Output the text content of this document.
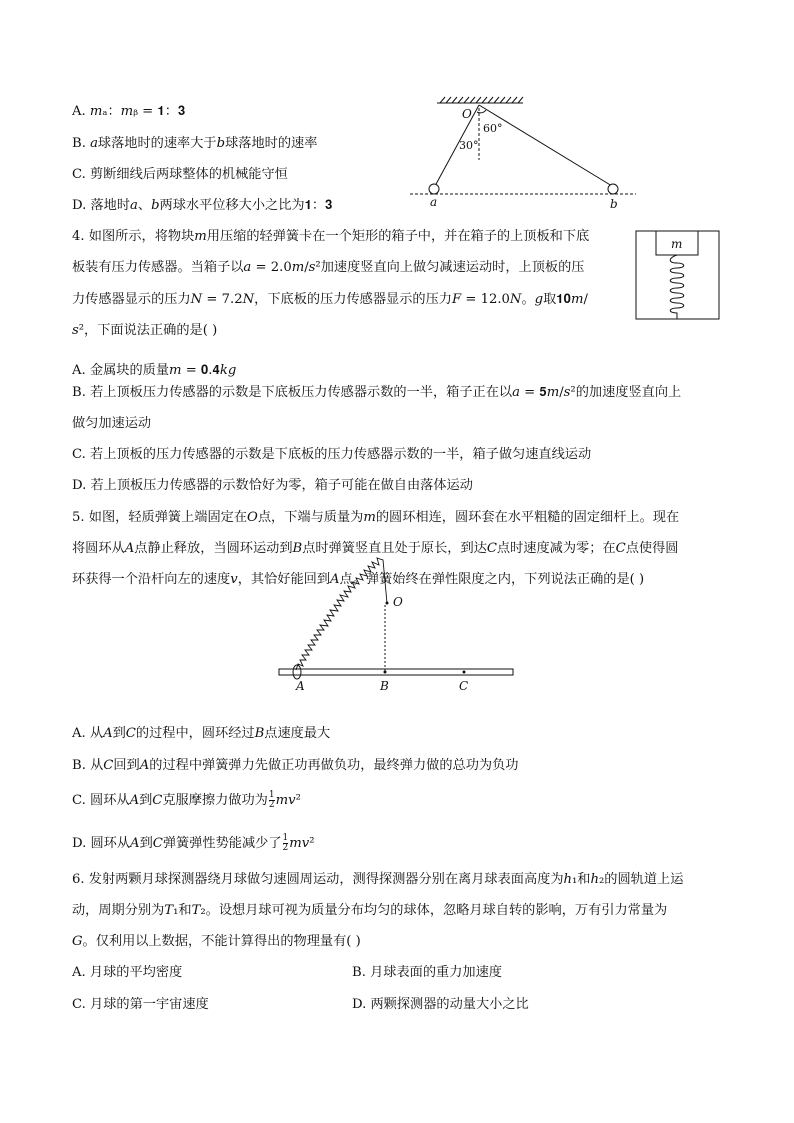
A. 𝑚ₐ：𝑚ᵦ = 𝟏：𝟑
B. 𝑎球落地时的速率大于𝑏球落地时的速率
C. 剪断细线后两球整体的机械能守恒
D. 落地时𝑎、𝑏两球水平位移大小之比为𝟏：𝟑
O
60°
30°
a	b
4. 如图所示，将物块𝑚用压缩的轻弹簧卡在一个矩形的箱子中，并在箱子的上顶板和下底
板装有压力传感器。当箱子以𝑎 = 2.0𝑚/𝑠²加速度竖直向上做匀减速运动时，上顶板的压
力传感器显示的压力𝑁 = 7.2𝑁，下底板的压力传感器显示的压力𝐹 = 12.0𝑁。𝑔取𝟏𝟎𝑚/
𝑠²，下面说法正确的是( )
m
A. 金属块的质量𝑚 = 𝟎.𝟒𝑘𝑔
B. 若上顶板压力传感器的示数是下底板压力传感器示数的一半，箱子正在以𝑎 = 𝟓𝑚/𝑠²的加速度竖直向上
做匀加速运动
C. 若上顶板的压力传感器的示数是下底板的压力传感器示数的一半，箱子做匀速直线运动
D. 若上顶板压力传感器的示数恰好为零，箱子可能在做自由落体运动
5. 如图，轻质弹簧上端固定在𝑂点，下端与质量为𝑚的圆环相连，圆环套在水平粗糙的固定细杆上。现在
将圆环从𝐴点静止释放，当圆环运动到𝐵点时弹簧竖直且处于原长，到达𝐶点时速度减为零；在𝐶点使得圆
环获得一个沿杆向左的速度𝑣，其恰好能回到𝐴点。弹簧始终在弹性限度之内，下列说法正确的是( )
O
A	B	C
A. 从𝐴到𝐶的过程中，圆环经过𝐵点速度最大
B. 从𝐶回到𝐴的过程中弹簧弹力先做正功再做负功，最终弹力做的总功为负功
C. 圆环从𝐴到𝐶克服摩擦力做功为 $\frac{1}{2}$ 𝑚𝑣²
D. 圆环从𝐴到𝐶弹簧弹性势能减少了 $\frac{1}{2}$ 𝑚𝑣²
6. 发射两颗月球探测器绕月球做匀速圆周运动，测得探测器分别在离月球表面高度为ℎ₁和ℎ₂的圆轨道上运
动，周期分别为𝑇₁和𝑇₂。设想月球可视为质量分布均匀的球体，忽略月球自转的影响，万有引力常量为
𝐺。仅利用以上数据，不能计算得出的物理量有( )
A. 月球的平均密度	B. 月球表面的重力加速度
C. 月球的第一宇宙速度	D. 两颗探测器的动量大小之比
